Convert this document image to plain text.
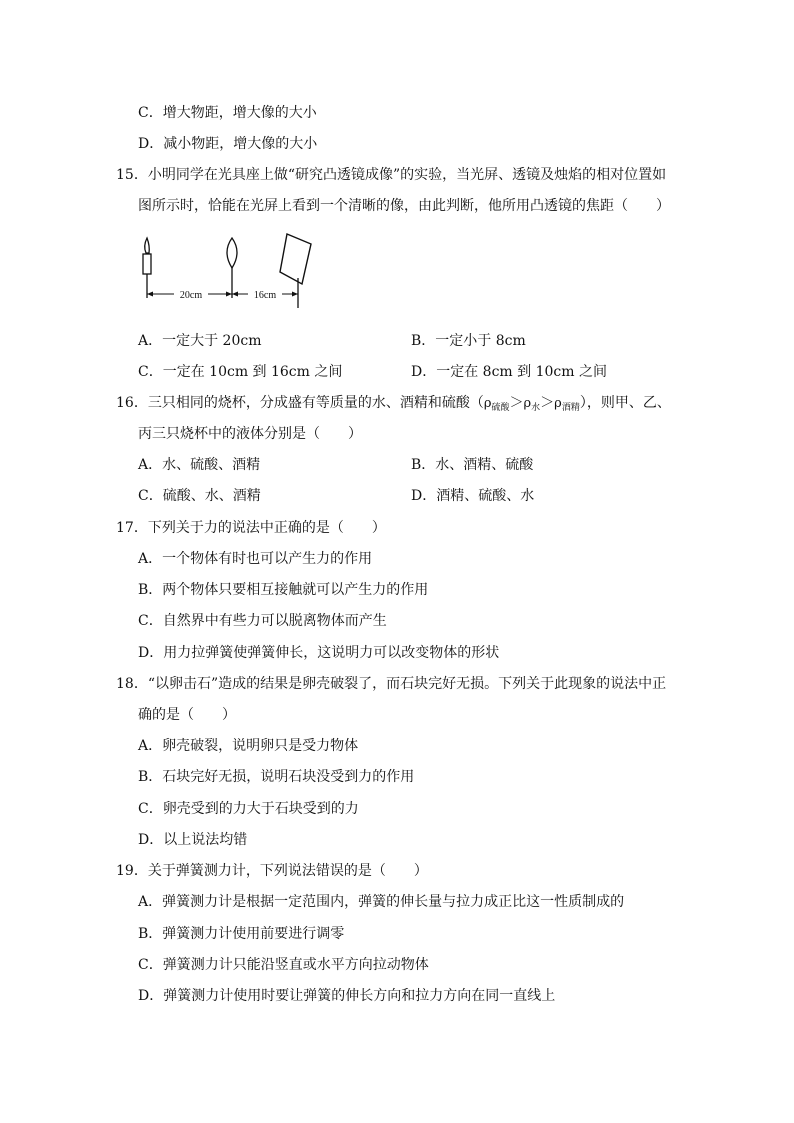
C．增大物距，增大像的大小
D．减小物距，增大像的大小
15．小明同学在光具座上做“研究凸透镜成像”的实验，当光屏、透镜及烛焰的相对位置如
图所示时，恰能在光屏上看到一个清晰的像，由此判断，他所用凸透镜的焦距（　　）
20cm	16cm
A．一定大于 20cm	B．一定小于 8cm
C．一定在 10cm 到 16cm 之间	D．一定在 8cm 到 10cm 之间
16．三只相同的烧杯，分成盛有等质量的水、酒精和硫酸$(\rho_{硫酸}>\rho_水>\rho_{酒精})$，则甲、乙、
丙三只烧杯中的液体分别是（　　）
A．水、硫酸、酒精	B．水、酒精、硫酸
C．硫酸、水、酒精	D．酒精、硫酸、水
17．下列关于力的说法中正确的是（　　）
A．一个物体有时也可以产生力的作用
B．两个物体只要相互接触就可以产生力的作用
C．自然界中有些力可以脱离物体而产生
D．用力拉弹簧使弹簧伸长，这说明力可以改变物体的形状
18．“以卵击石”造成的结果是卵壳破裂了，而石块完好无损。下列关于此现象的说法中正
确的是（　　）
A．卵壳破裂，说明卵只是受力物体
B．石块完好无损，说明石块没受到力的作用
C．卵壳受到的力大于石块受到的力
D．以上说法均错
19．关于弹簧测力计，下列说法错误的是（　　）
A．弹簧测力计是根据一定范围内，弹簧的伸长量与拉力成正比这一性质制成的
B．弹簧测力计使用前要进行调零
C．弹簧测力计只能沿竖直或水平方向拉动物体
D．弹簧测力计使用时要让弹簧的伸长方向和拉力方向在同一直线上
